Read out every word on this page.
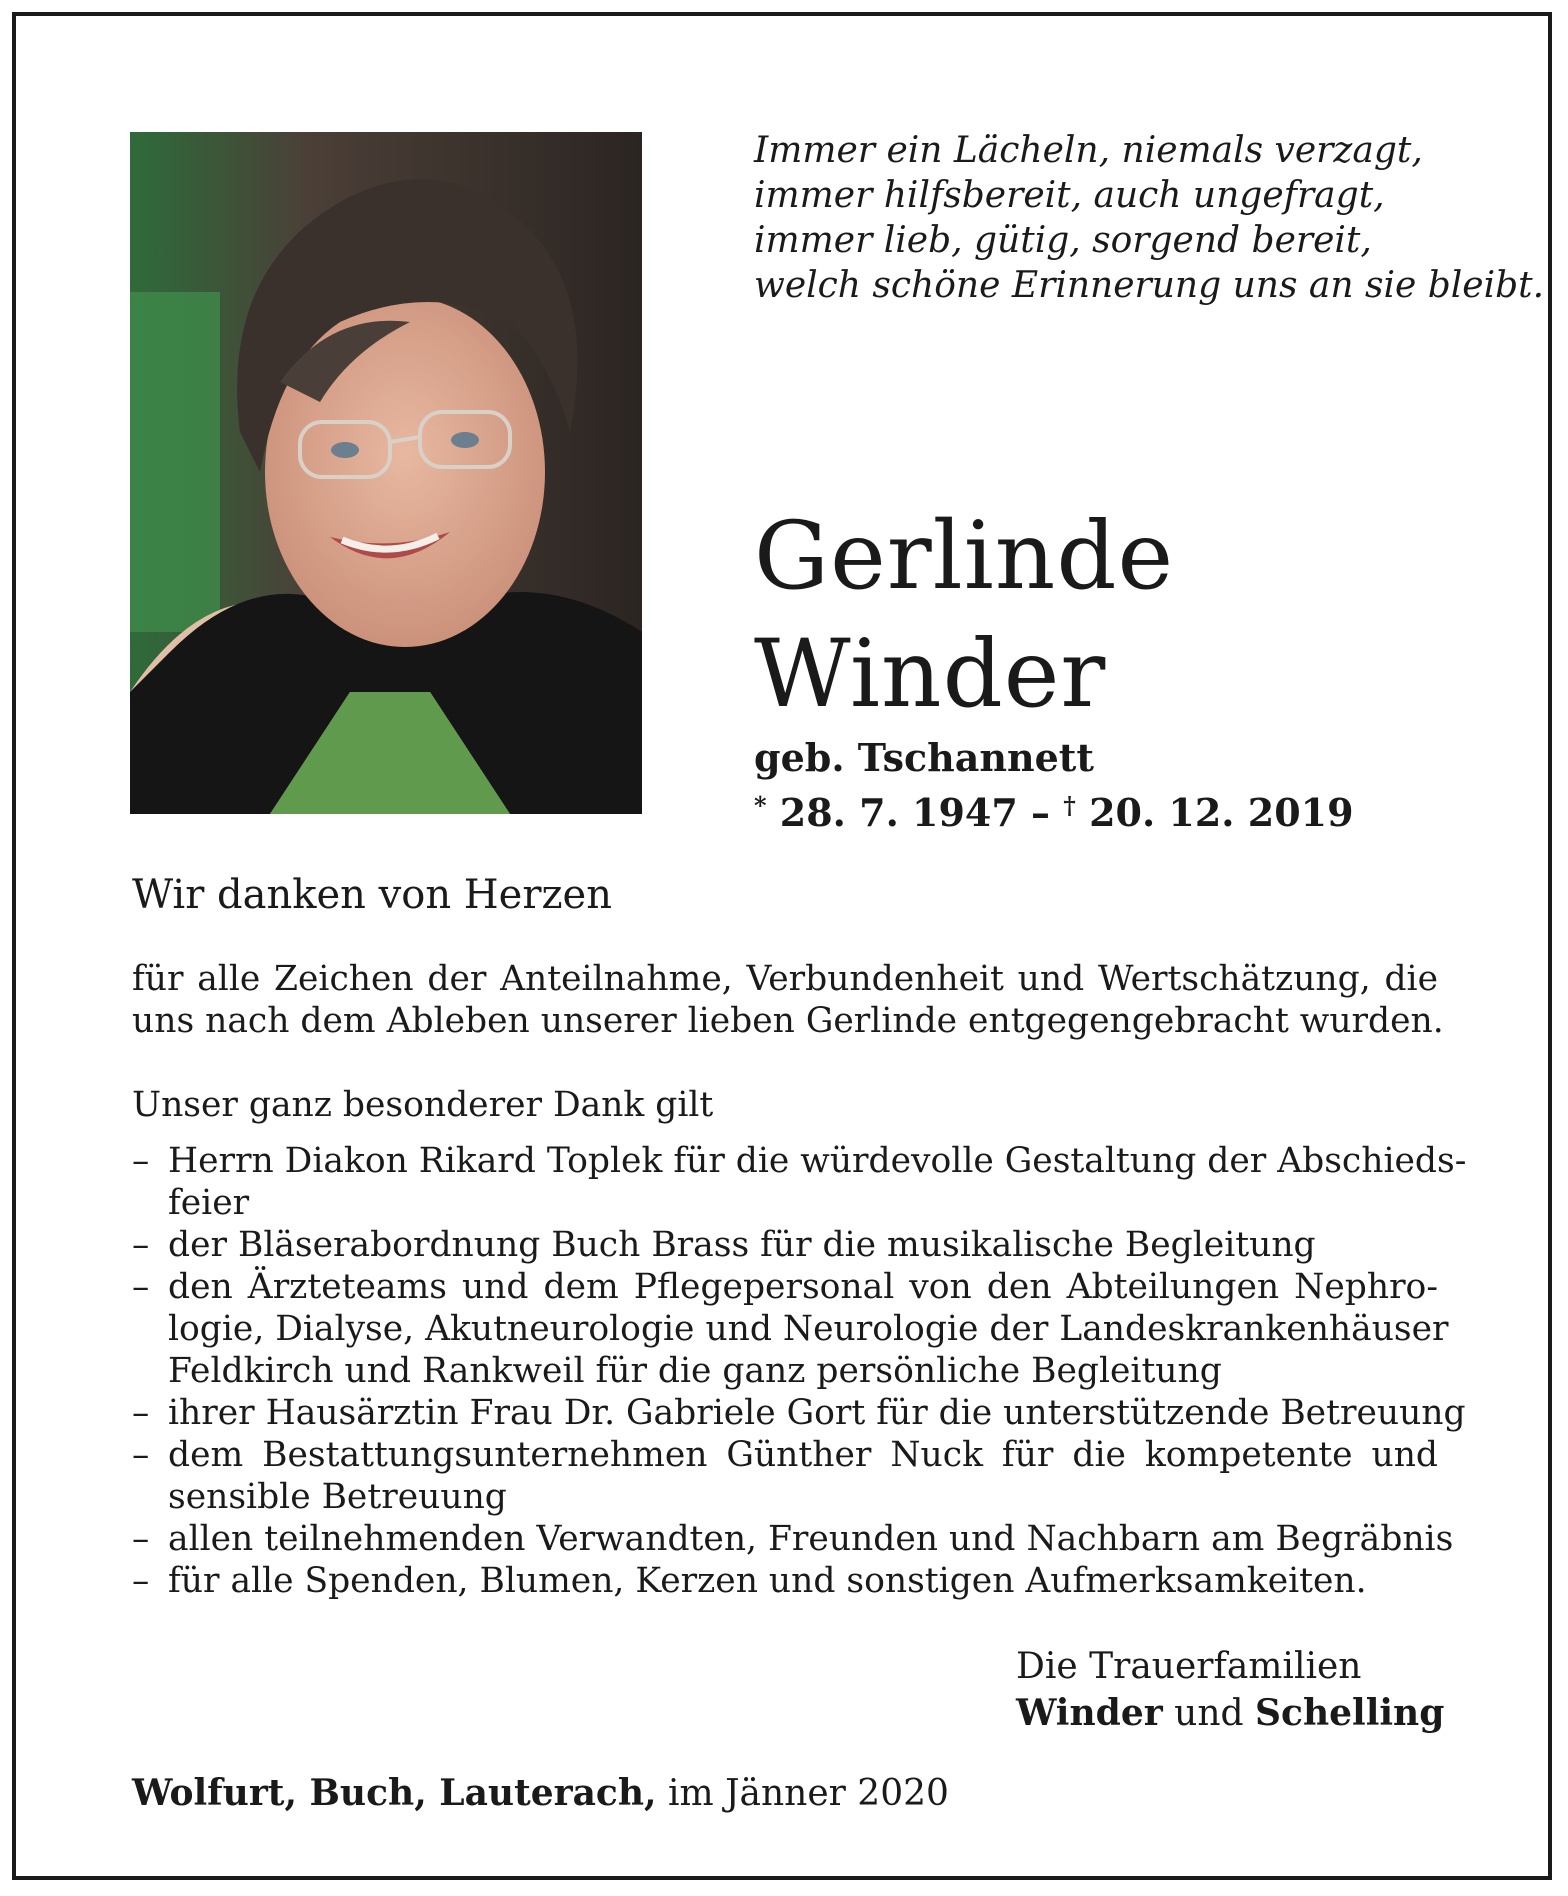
Immer ein Lächeln, niemals verzagt,
immer hilfsbereit, auch ungefragt,
immer lieb, gütig, sorgend bereit,
welch schöne Erinnerung uns an sie bleibt.
Gerlinde
Winder
geb. Tschannett
* 28. 7. 1947 – † 20. 12. 2019
Wir danken von Herzen
für alle Zeichen der Anteilnahme, Verbundenheit und Wertschätzung, die
uns nach dem Ableben unserer lieben Gerlinde entgegengebracht wurden.
Unser ganz besonderer Dank gilt
– Herrn Diakon Rikard Toplek für die würdevolle Gestaltung der Abschieds-
feier
– der Bläserabordnung Buch Brass für die musikalische Begleitung
– den Ärzteteams und dem Pflegepersonal von den Abteilungen Nephro-
logie, Dialyse, Akutneurologie und Neurologie der Landeskrankenhäuser
Feldkirch und Rankweil für die ganz persönliche Begleitung
– ihrer Hausärztin Frau Dr. Gabriele Gort für die unterstützende Betreuung
– dem Bestattungsunternehmen Günther Nuck für die kompetente und
sensible Betreuung
– allen teilnehmenden Verwandten, Freunden und Nachbarn am Begräbnis
– für alle Spenden, Blumen, Kerzen und sonstigen Aufmerksamkeiten.
Die Trauerfamilien
Winder und Schelling
Wolfurt, Buch, Lauterach, im Jänner 2020
